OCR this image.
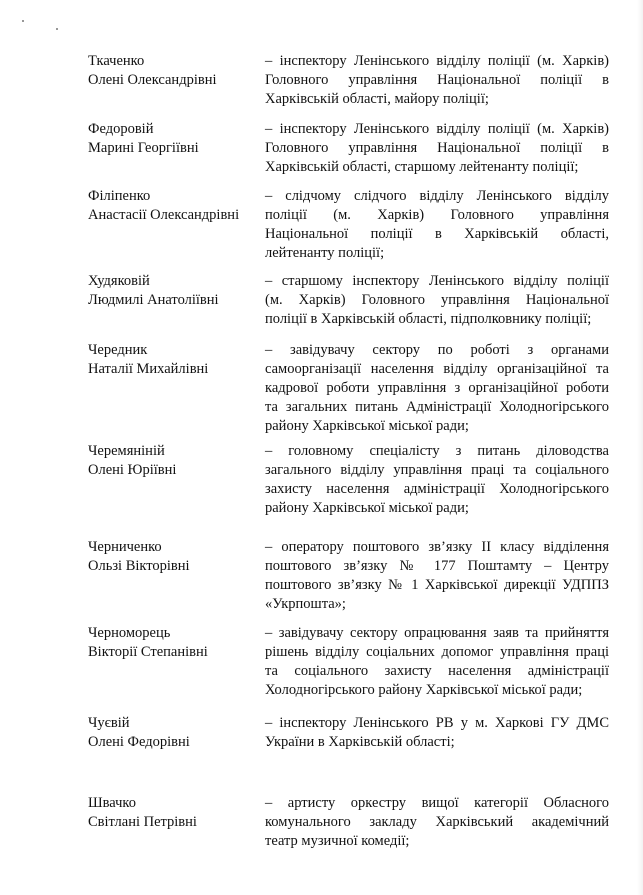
Ткаченко
Олені Олександрівні
– інспектору Ленінського відділу поліції (м. Харків)
Головного управління Національної поліції в
Харківській області, майору поліції;
Федоровій
Марині Георгіївні
– інспектору Ленінського відділу поліції (м. Харків)
Головного управління Національної поліції в
Харківській області, старшому лейтенанту поліції;
Філіпенко
Анастасії Олександрівні
– слідчому слідчого відділу Ленінського відділу
поліції (м. Харків) Головного управління
Національної поліції в Харківській області,
лейтенанту поліції;
Худяковій
Людмилі Анатоліївні
– старшому інспектору Ленінського відділу поліції
(м. Харків) Головного управління Національної
поліції в Харківській області, підполковнику поліції;
Чередник
Наталії Михайлівні
– завідувачу сектору по роботі з органами
самоорганізації населення відділу організаційної та
кадрової роботи управління з організаційної роботи
та загальних питань Адміністрації Холодногірського
району Харківської міської ради;
Черемяніній
Олені Юріївні
– головному спеціалісту з питань діловодства
загального відділу управління праці та соціального
захисту населення адміністрації Холодногірського
району Харківської міської ради;
Черниченко
Ользі Вікторівні
– оператору поштового зв’язку ІІ класу відділення
поштового зв’язку № 177 Поштамту – Центру
поштового зв’язку № 1 Харківської дирекції УДППЗ
«Укрпошта»;
Черноморець
Вікторії Степанівні
– завідувачу сектору опрацювання заяв та прийняття
рішень відділу соціальних допомог управління праці
та соціального захисту населення адміністрації
Холодногірського району Харківської міської ради;
Чуєвій
Олені Федорівні
– інспектору Ленінського РВ у м. Харкові ГУ ДМС
України в Харківській області;
Швачко
Світлані Петрівні
– артисту оркестру вищої категорії Обласного
комунального закладу Харківський академічний
театр музичної комедії;
